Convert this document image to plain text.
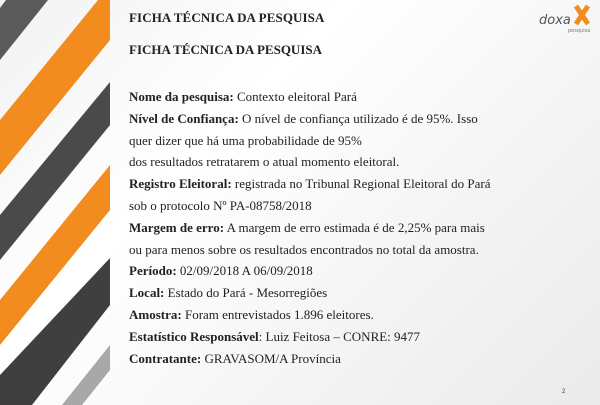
doxa
pesquisa
FICHA TÉCNICA DA PESQUISA
FICHA TÉCNICA DA PESQUISA
Nome da pesquisa: Contexto eleitoral Pará
Nível de Confiança: O nível de confiança utilizado é de 95%. Isso
quer dizer que há uma probabilidade de 95%
dos resultados retratarem o atual momento eleitoral.
Registro Eleitoral: registrada no Tribunal Regional Eleitoral do Pará
sob o protocolo Nº PA-08758/2018
Margem de erro: A margem de erro estimada é de 2,25% para mais
ou para menos sobre os resultados encontrados no total da amostra.
Período: 02/09/2018 A 06/09/2018
Local: Estado do Pará - Mesorregiões
Amostra: Foram entrevistados 1.896 eleitores.
Estatístico Responsável: Luiz Feitosa – CONRE: 9477
Contratante: GRAVASOM/A Província
2
